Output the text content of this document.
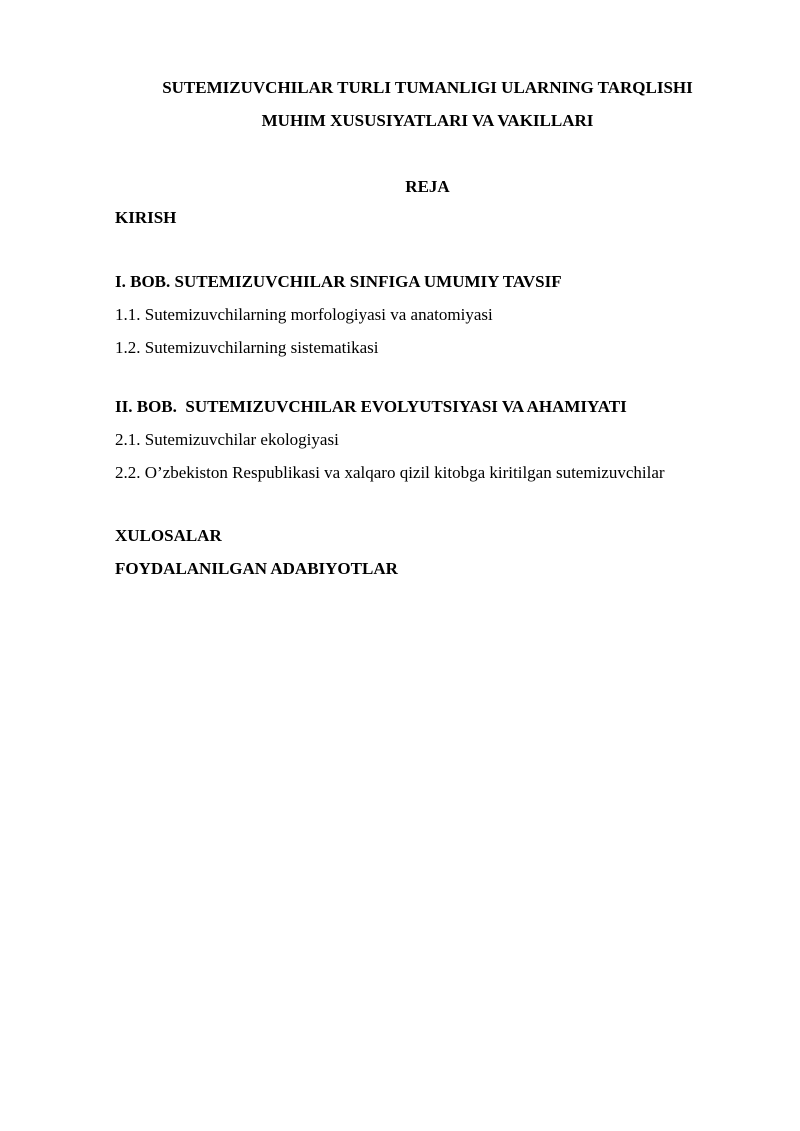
SUTEMIZUVCHILAR TURLI TUMANLIGI ULARNING TARQLISHI
MUHIM XUSUSIYATLARI VA VAKILLARI
REJA
KIRISH
I. BOB. SUTEMIZUVCHILAR SINFIGA UMUMIY TAVSIF
1.1. Sutemizuvchilarning morfologiyasi va anatomiyasi
1.2. Sutemizuvchilarning sistematikasi
II. BOB.  SUTEMIZUVCHILAR EVOLYUTSIYASI VA AHAMIYATI
2.1. Sutemizuvchilar ekologiyasi
2.2. O’zbekiston Respublikasi va xalqaro qizil kitobga kiritilgan sutemizuvchilar
XULOSALAR
FOYDALANILGAN ADABIYOTLAR
